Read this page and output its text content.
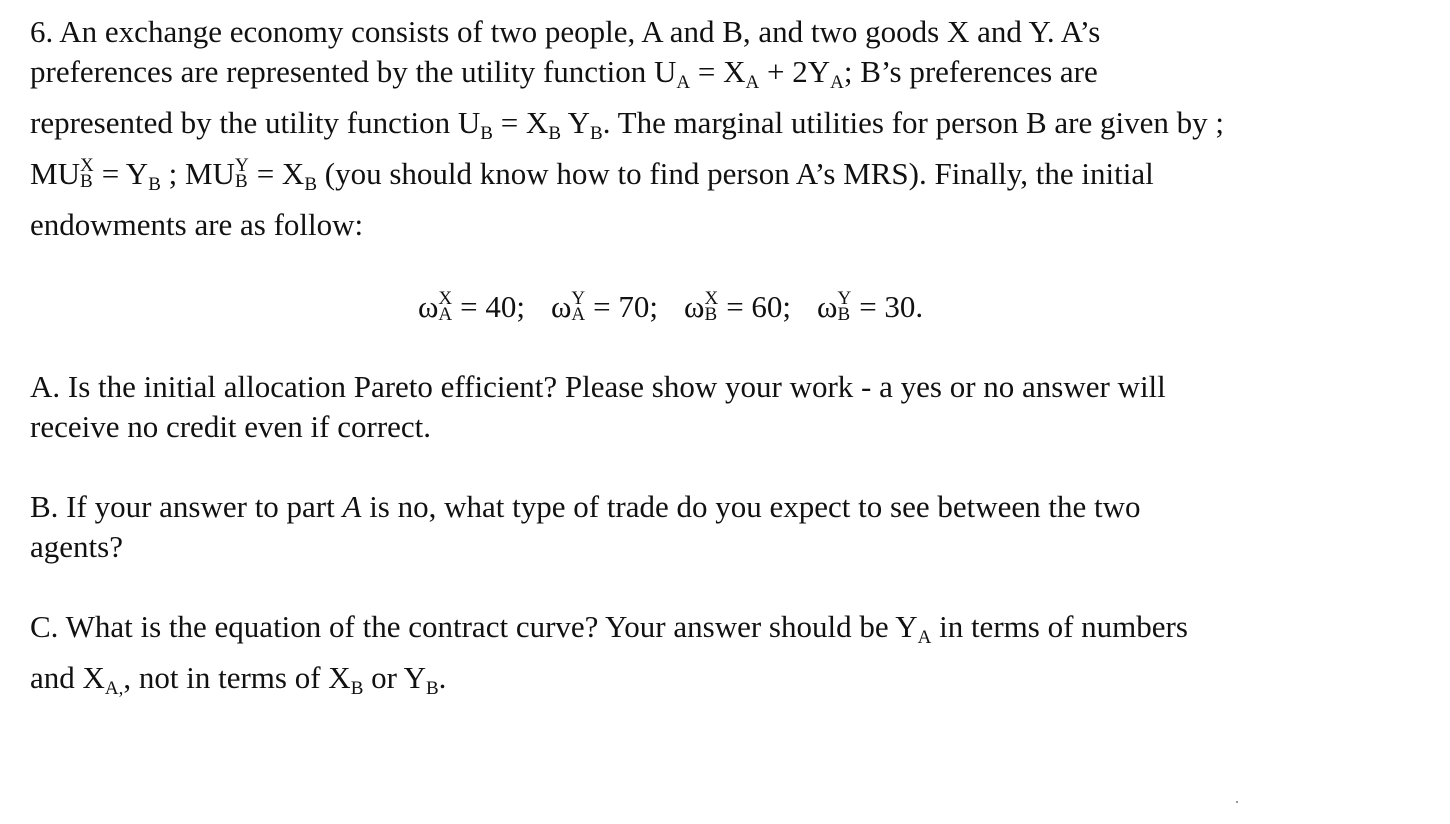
6. An exchange economy consists of two people, A and B, and two goods X and Y. A’s
preferences are represented by the utility function $U_A = X_A + 2Y_A$; B’s preferences are
represented by the utility function $U_B = X_B$ $Y_B$. The marginal utilities for person B are given by ;
MU X
$B = Y_B$ ; MU Y
$B = X_B$ (you should know how to find person A’s MRS). Finally, the initial
endowments are as follow:

ω X
A = 40; ω Y
A = 70; ω X
B = 60; ω Y
B = 30.

A. Is the initial allocation Pareto efficient? Please show your work - a yes or no answer will
receive no credit even if correct.

B. If your answer to part A is no, what type of trade do you expect to see between the two
agents?

C. What is the equation of the contract curve? Your answer should be $Y_A$ in terms of numbers
and $X_{A,}$, not in terms of $X_B$ or $Y_B$.
